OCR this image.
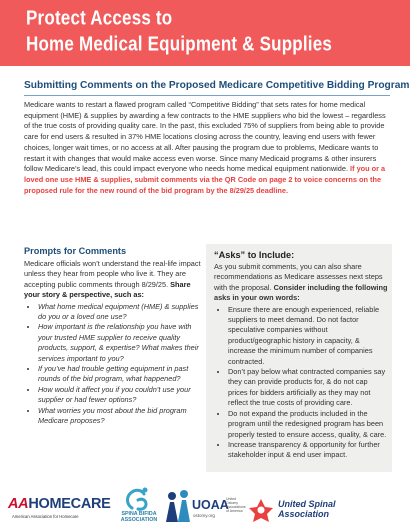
Protect Access to
Home Medical Equipment & Supplies
Submitting Comments on the Proposed Medicare Competitive Bidding Program
Medicare wants to restart a flawed program called “Competitive Bidding” that sets rates for home medical equipment (HME) & supplies by awarding a few contracts to the HME suppliers who bid the lowest – regardless of the true costs of providing quality care. In the past, this excluded 75% of suppliers from being able to provide care for end users & resulted in 37% HME locations closing across the country, leaving end users with fewer choices, longer wait times, or no access at all. After pausing the program due to problems, Medicare wants to restart it with changes that would make access even worse. Since many Medicaid programs & other insurers follow Medicare’s lead, this could impact everyone who needs home medical equipment nationwide. If you or a loved one use HME & supplies, submit comments via the QR Code on page 2 to voice concerns on the proposed rule for the new round of the bid program by the 8/29/25 deadline.
Prompts for Comments
Medicare officials won’t understand the real-life impact unless they hear from people who live it. They are accepting public comments through 8/29/25. Share your story & perspective, such as:
• What home medical equipment (HME) & supplies do you or a loved one use?
• How important is the relationship you have with your trusted HME supplier to receive quality products, support, & expertise? What makes their services important to you?
• If you’ve had trouble getting equipment in past rounds of the bid program, what happened?
• How would it affect you if you couldn’t use your supplier or had fewer options?
• What worries you most about the bid program Medicare proposes?
“Asks” to Include:
As you submit comments, you can also share recommendations as Medicare assesses next steps with the proposal. Consider including the following asks in your own words:
• Ensure there are enough experienced, reliable suppliers to meet demand. Do not factor speculative companies without product/geographic history in capacity, & increase the minimum number of companies contracted.
• Don’t pay below what contracted companies say they can provide products for, & do not cap prices for bidders artificially as they may not reflect the true costs of providing care.
• Do not expand the products included in the program until the redesigned program has been properly tested to ensure access, quality, & care.
• Increase transparency & opportunity for further stakeholder input & end user impact.
AAHOMECARE
American Association for Homecare	SPINA BIFIDA
ASSOCIATION
UOAA
ostomy.org
United Ostomy Associations of America
United Spinal
Association
